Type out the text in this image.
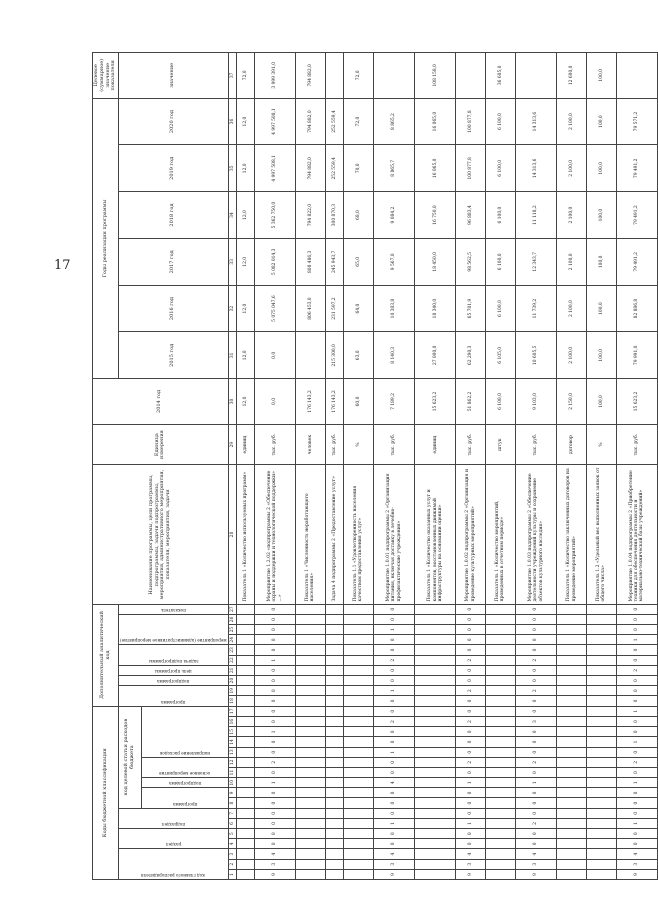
17
Коды бюджетной классификации																	Дополнительный аналитический код										Наименование программы, цели программы, подпрограммы, задачи подпрограммы, мероприятия, административного мероприятия, показателя, мероприятия, задачи	Единица измерения	2014 год	Годы реализации программы						Целевое (суммарное) значение показателя

код главного распорядителя			раздел		подраздел		код целевой статьи расходов бюджета										программа		подпрограмма	цель программы	задача подпрограммы		мероприятие (административное мероприятие)			показатель				2015 год	2016 год	2017 год	2018 год	2019 год	2020 год	значение

							программа		подпрограмма	основное мероприятие		направление расходов																								

1	2	3	4	5	6	7	8	9	10	11	12	13	14	15	16	17	18	19	20	21	22	23	24	25	26	27	28	29	30	31	32	33	34	35	36	37
																											Показатель 1 «Количество используемых программ»	единиц	12,0	12,0	12,0	12,0	12,0	12,0	12,0	72,0
9	3	4	0	0	0	0	0	0	1	0	2	0	0	1	0	0	0	0	0	0	1	0	0	0	0	0	Мероприятие 1.2.02 «подпрограммы 2 «Обеспечение охраны и поддержки и технологической поддержки» ...»	тыс. руб.	0,0	0,0	5 075 047,6	5 082 014,3	5 362 750,0	4 997 508,1	4 997 508,1	3 999 391,0
																											Показатель 1 «Численность неработающего населения»	человек	176 143,2		806 453,0	808 486,3	794 822,0	794 882,0	794 882,0	794 882,0
																											Задача 4 подпрограммы 2 «Предоставление услуг»	тыс. руб.	176 143,2	215 300,0	231 597,2	245 943,7	300 870,3	252 559,4	252 559,4	
																											Показатель 1.1 «Удовлетворенность населения качеством предоставления услуг»	%	60,0	63,0	64,0	65,0	68,0	70,0	72,0	72,0
9	3	4	0	0	1	0	0	0	4	0	0	1	0	0	2	0	0	1	0	0	2	0	0	1	0	0	Мероприятие 1.0.01 подпрограммы 2 «Организация питания, включая доставку в лечебно-профилактические учреждения»	тыс. руб.	7 189,2	8 140,3	10 383,8	9 567,0	9 084,2	8 865,7	8 865,2	
																											Показатель 1 «Количество оказанных услуг и компонентов, восстановленных движимой инфраструктуры на основании оценки»	единиц	15 623,2	27 000,0	18 340,0	18 450,0	16 750,0	16 065,0	16 065,0	108 158,0
9	3	4	0	0	1	0	0	0	1	0	2	0	0	0	2	0	0	2	0	0	2	0	0	0	0	0	Мероприятие 1.0.02 подпрограммы 2 «Организация и проведение культурных мероприятий»	тыс. руб.	51 862,2	62 290,3	65 781,9	98 562,5	96 883,4	100 877,8	100 877,8	
																											Показатель 1 «Количество мероприятий, проведенных в отчетном периоде»	штук	6 100,0	6 105,0	6 100,0	6 100,0	6 100,0	6 100,0	6 100,0	36 605,0
9	3	4	0	0	2	0	0	0	1	0	2	0	0	0	3	0	0	2	0	0	2	0	0	0	0	0	Мероприятие 1.0.03 подпрограммы 2 «Обеспечение деятельности учреждений культуры и сохранение объектов культурного наследия»	тыс. руб.	9 103,0	10 605,5	11 739,2	12 343,7	11 118,2	14 313,6	14 313,6	
																											Показатель 1 «Количество заключенных договоров на проведение мероприятий»	договор	2 150,0	2 100,0	2 100,0	2 100,0	2 100,0	2 100,0	2 100,0	12 600,0
																											Показатель 1.2 «Удельный вес выполненных заявок от общего числа»	%	100,0	100,0	100,0	100,0	100,0	100,0	100,0	100,0
9	3	4	0	0	1	0	0	0	1	0	2	0	1	0	0	1	0	0	0	2	0	0	1	0	0	0	Мероприятие 1.0.04 подпрограммы 2 «Приобретение техники для обеспечения деятельности и материально-технической базы учреждений»	тыс. руб.	15 623,2	79 991,0	82 886,8	79 491,2	79 491,2	79 491,2	79 571,2	
